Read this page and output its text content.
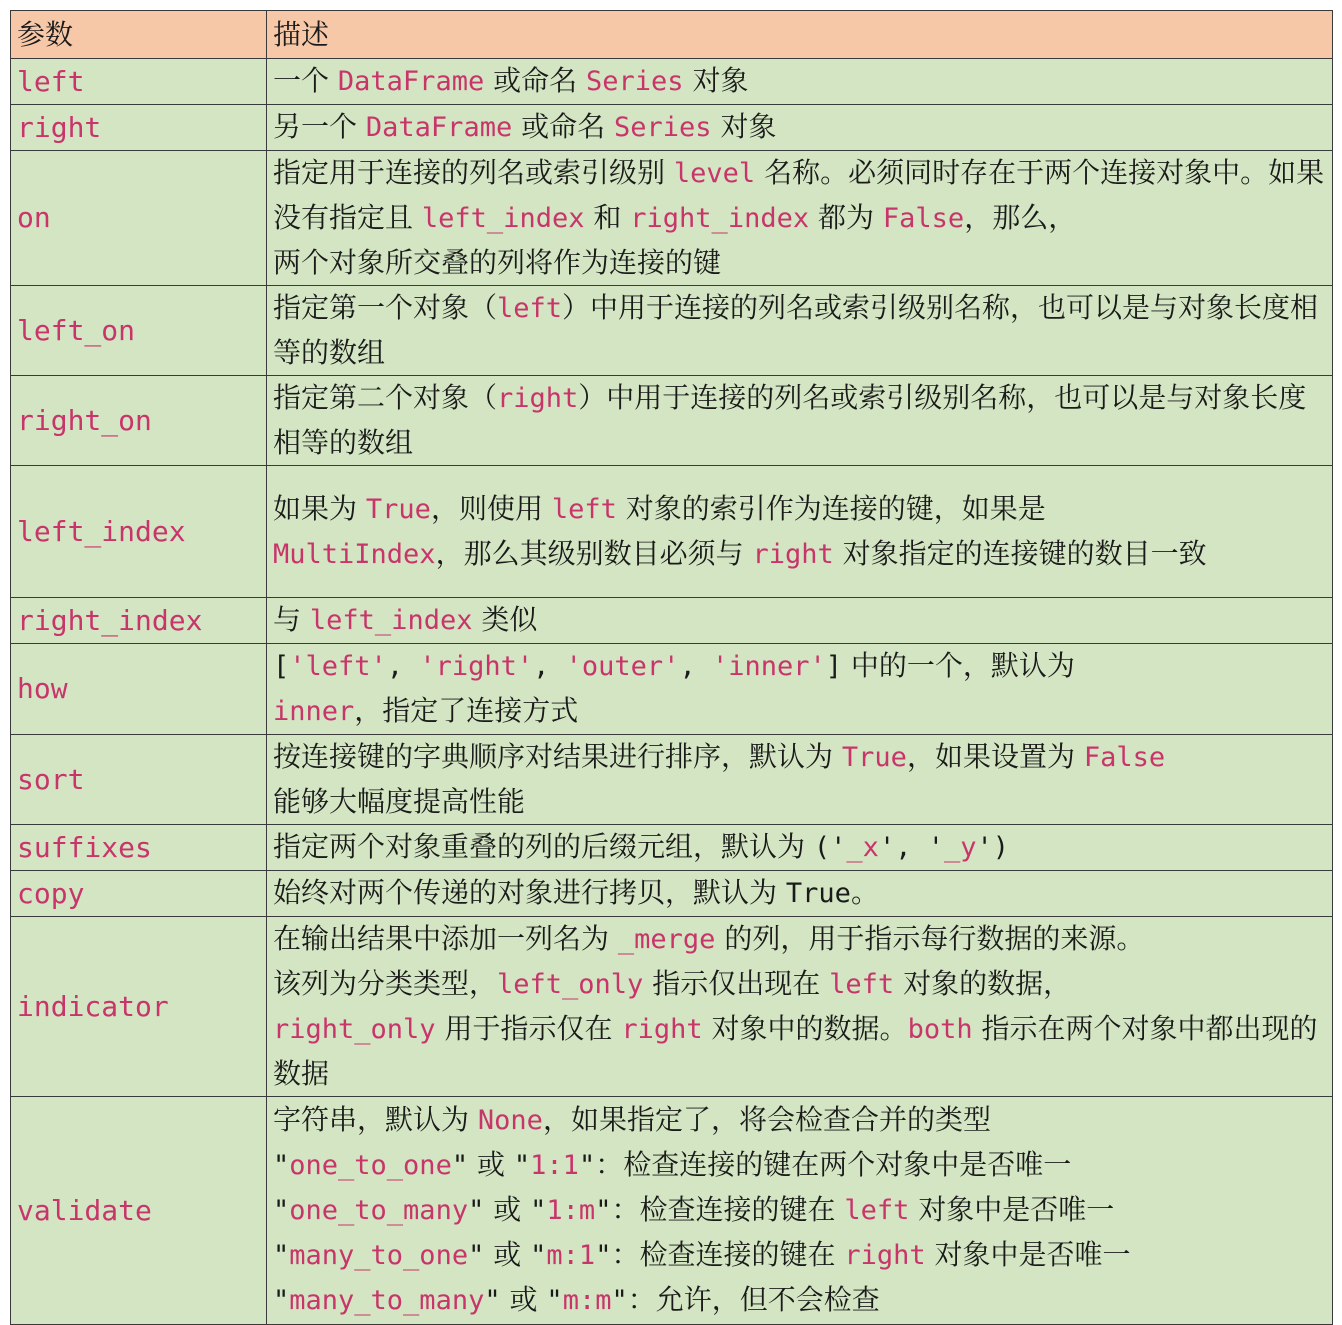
参数	描述
left	一个 DataFrame 或命名 Series 对象
right	另一个 DataFrame 或命名 Series 对象
on	指定用于连接的列名或索引级别 level 名称。必须同时存在于两个连接对象中。如果没有指定且 left_index 和 right_index 都为 False，那么，
两个对象所交叠的列将作为连接的键
left_on	指定第一个对象（left）中用于连接的列名或索引级别名称，也可以是与对象长度相等的数组
right_on	指定第二个对象（right）中用于连接的列名或索引级别名称，也可以是与对象长度相等的数组
left_index	如果为 True，则使用 left 对象的索引作为连接的键，如果是
MultiIndex，那么其级别数目必须与 right 对象指定的连接键的数目一致
right_index	与 left_index 类似
how	['left', 'right', 'outer', 'inner'] 中的一个，默认为
inner，指定了连接方式
sort	按连接键的字典顺序对结果进行排序，默认为 True，如果设置为 False
能够大幅度提高性能
suffixes	指定两个对象重叠的列的后缀元组，默认为 ('_x', '_y')
copy	始终对两个传递的对象进行拷贝，默认为 True。
indicator	在输出结果中添加一列名为 _merge 的列，用于指示每行数据的来源。
该列为分类类型，left_only 指示仅出现在 left 对象的数据，
right_only 用于指示仅在 right 对象中的数据。both 指示在两个对象中都出现的数据
validate	字符串，默认为 None，如果指定了，将会检查合并的类型
"one_to_one" 或 "1:1"：检查连接的键在两个对象中是否唯一
"one_to_many" 或 "1:m"：检查连接的键在 left 对象中是否唯一
"many_to_one" 或 "m:1"：检查连接的键在 right 对象中是否唯一
"many_to_many" 或 "m:m"：允许，但不会检查
